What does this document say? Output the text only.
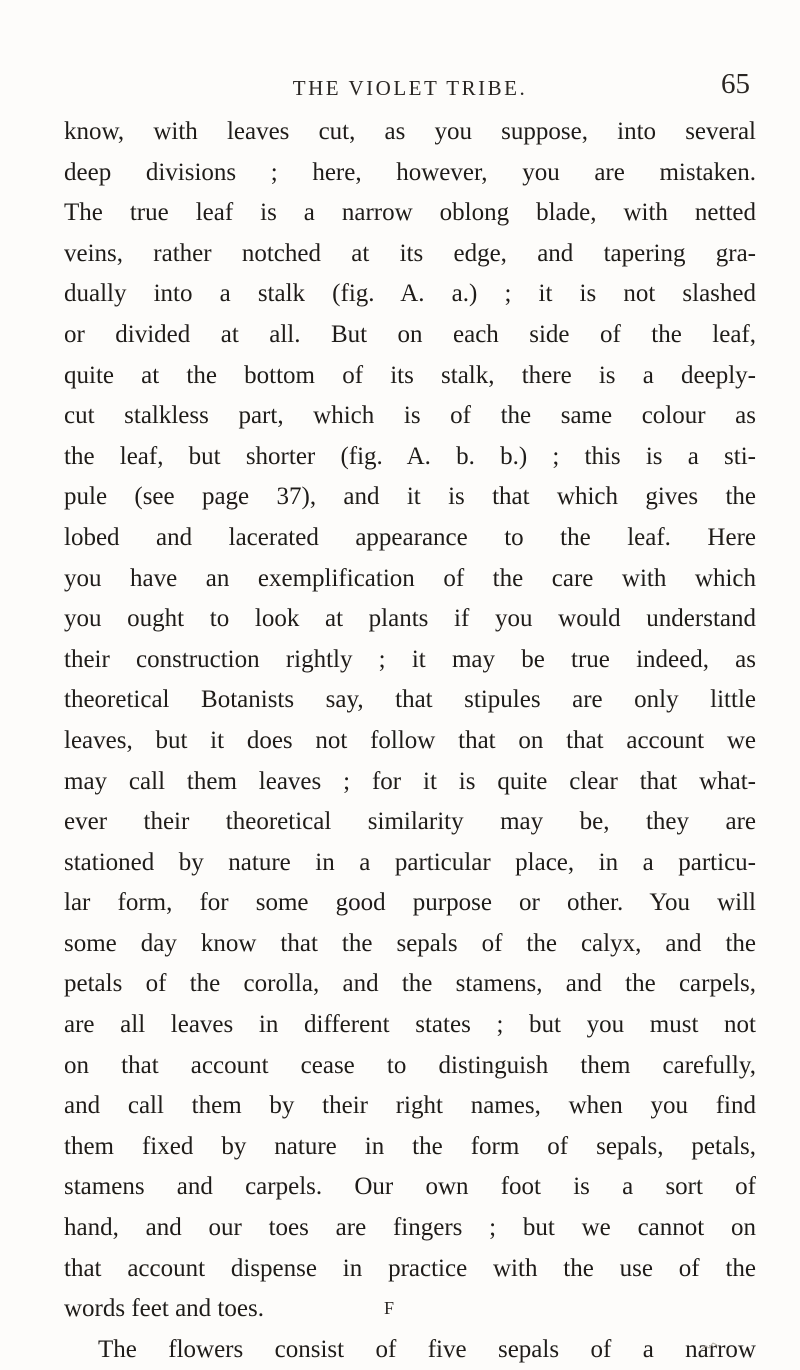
THE VIOLET TRIBE.	65
know, with leaves cut, as you suppose, into several
deep divisions ; here, however, you are mistaken.
The true leaf is a narrow oblong blade, with netted
veins, rather notched at its edge, and tapering gra-
dually into a stalk (fig. A. a.) ; it is not slashed
or divided at all. But on each side of the leaf,
quite at the bottom of its stalk, there is a deeply-
cut stalkless part, which is of the same colour as
the leaf, but shorter (fig. A. b. b.) ; this is a sti-
pule (see page 37), and it is that which gives the
lobed and lacerated appearance to the leaf. Here
you have an exemplification of the care with which
you ought to look at plants if you would understand
their construction rightly ; it may be true indeed, as
theoretical Botanists say, that stipules are only little
leaves, but it does not follow that on that account we
may call them leaves ; for it is quite clear that what-
ever their theoretical similarity may be, they are
stationed by nature in a particular place, in a particu-
lar form, for some good purpose or other. You will
some day know that the sepals of the calyx, and the
petals of the corolla, and the stamens, and the carpels,
are all leaves in different states ; but you must not
on that account cease to distinguish them carefully,
and call them by their right names, when you find
them fixed by nature in the form of sepals, petals,
stamens and carpels. Our own foot is a sort of
hand, and our toes are fingers ; but we cannot on
that account dispense in practice with the use of the
words feet and toes.
The flowers consist of five sepals of a narrow
F
